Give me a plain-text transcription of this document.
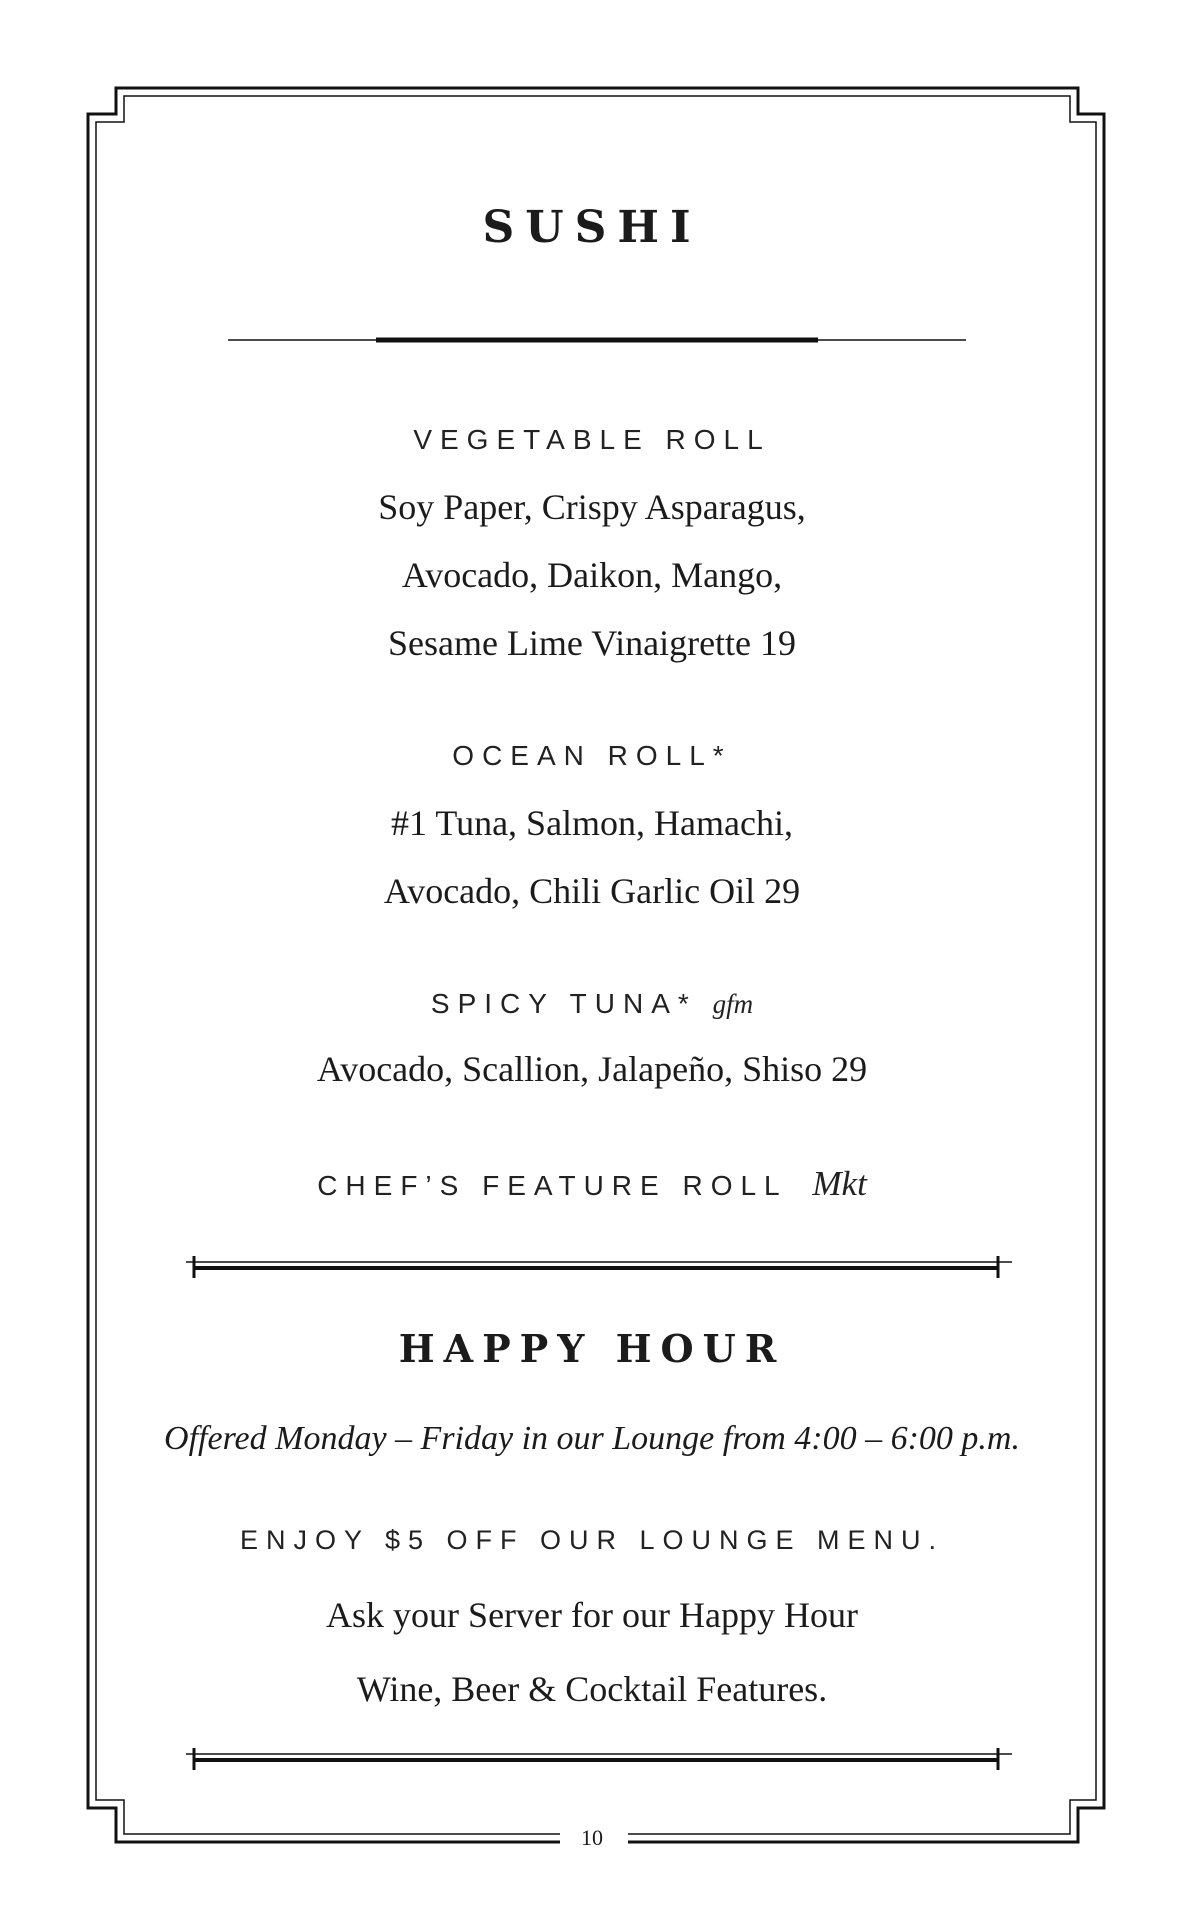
SUSHI
VEGETABLE ROLL
Soy Paper, Crispy Asparagus,
Avocado, Daikon, Mango,
Sesame Lime Vinaigrette 19
OCEAN ROLL*
#1 Tuna, Salmon, Hamachi,
Avocado, Chili Garlic Oil 29
SPICY TUNA* gfm
Avocado, Scallion, Jalapeño, Shiso 29
CHEF’S FEATURE ROLL Mkt
HAPPY HOUR
Offered Monday – Friday in our Lounge from 4:00 – 6:00 p.m.
ENJOY $5 OFF OUR LOUNGE MENU.
Ask your Server for our Happy Hour
Wine, Beer & Cocktail Features.
10
